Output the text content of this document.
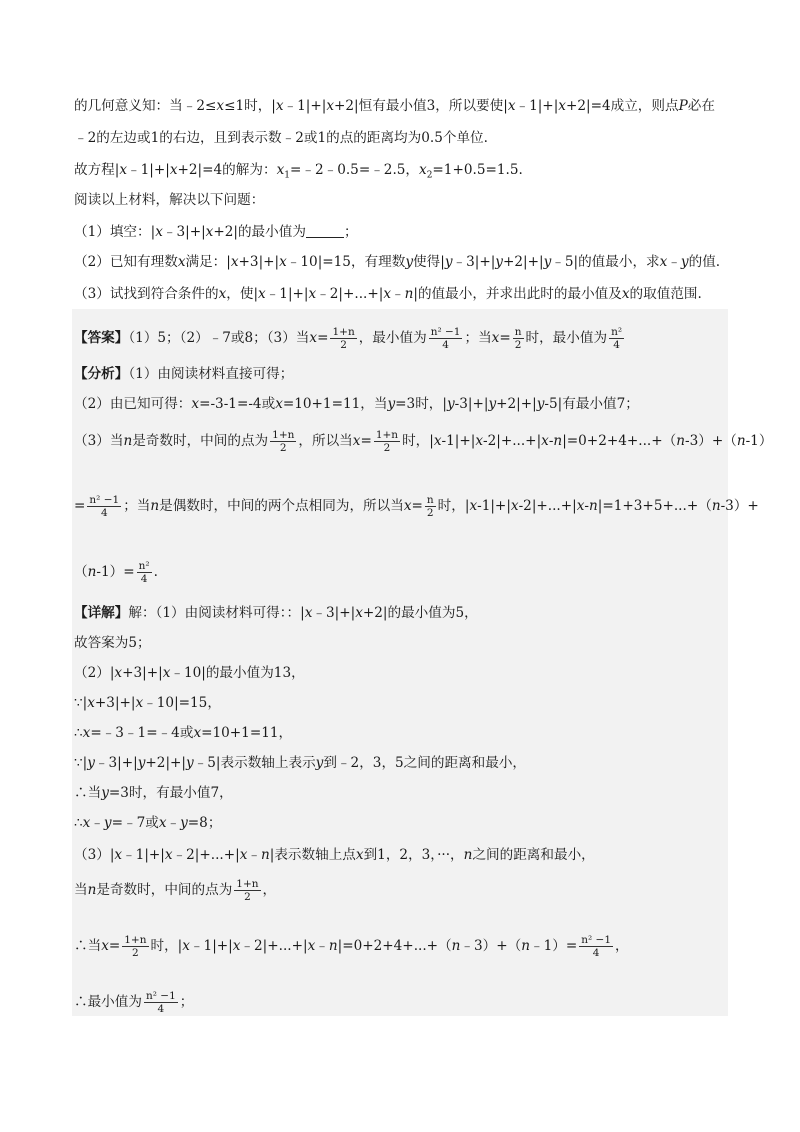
的几何意义知：当﹣2≤x≤1时，|x﹣1|+|x+2|恒有最小值3，所以要使|x﹣1|+|x+2|=4成立，则点P必在
﹣2的左边或1的右边，且到表示数﹣2或1的点的距离均为0.5个单位.
故方程|x﹣1|+|x+2|=4的解为：$x_1=﹣2﹣0.5=﹣2.5$，$x_2=1+0.5=1.5$.
阅读以上材料，解决以下问题：
（1）填空：|x﹣3|+|x+2|的最小值为	；
（2）已知有理数x满足：|x+3|+|x﹣10|=15，有理数y使得|y﹣3|+|y+2|+|y﹣5|的值最小，求x﹣y的值.
（3）试找到符合条件的x，使|x﹣1|+|x﹣2|+...+|x﹣n|的值最小，并求出此时的最小值及x的取值范围.
【答案】（1）5；（2）﹣7或8；（3）当$x= \frac{1+n}{2}$ ，最小值为 $\frac{\text{n² −1}}{4}$ ；当$x= \frac{n}{2}$ 时，最小值为 $\frac{\text{n²}}{4}$
【分析】（1）由阅读材料直接可得；
（2）由已知可得：x=-3-1=-4或x=10+1=11，当y=3时，|y-3|+|y+2|+|y-5|有最小值7；
（3）当n是奇数时，中间的点为 $\frac{1+n}{2}$ ，所以当$x= \frac{1+n}{2}$ 时，|x-1|+|x-2|+...+|x-n|=0+2+4+...+（n-3）+（n-1）
= $\frac{\text{n² −1}}{4}$ ；当n是偶数时，中间的两个点相同为，所以当$x= \frac{n}{2}$ 时，|x-1|+|x-2|+...+|x-n|=1+3+5+...+（n-3）+
$(n-1)= \frac{\text{n²}}{4}$ .
【详解】解：（1）由阅读材料可得：：|x﹣3|+|x+2|的最小值为5，
故答案为5；
（2）|x+3|+|x﹣10|的最小值为13，
∵|x+3|+|x﹣10|=15，
∴x=﹣3﹣1=﹣4或x=10+1=11，
∵|y﹣3|+|y+2|+|y﹣5|表示数轴上表示y到﹣2，3，5之间的距离和最小，
∴当y=3时，有最小值7，
∴x﹣y=﹣7或x﹣y=8；
（3）|x﹣1|+|x﹣2|+...+|x﹣n|表示数轴上点x到1，2，3，···，n之间的距离和最小，
当n是奇数时，中间的点为 $\frac{1+n}{2}$ ，
∴当$x= \frac{1+n}{2}$ 时，|x﹣1|+|x﹣2|+...+|x﹣n|=0+2+4+...+（n﹣3）+（n﹣1）= $\frac{\text{n² −1}}{4}$ ，
∴最小值为 $\frac{\text{n² −1}}{4}$ ；
